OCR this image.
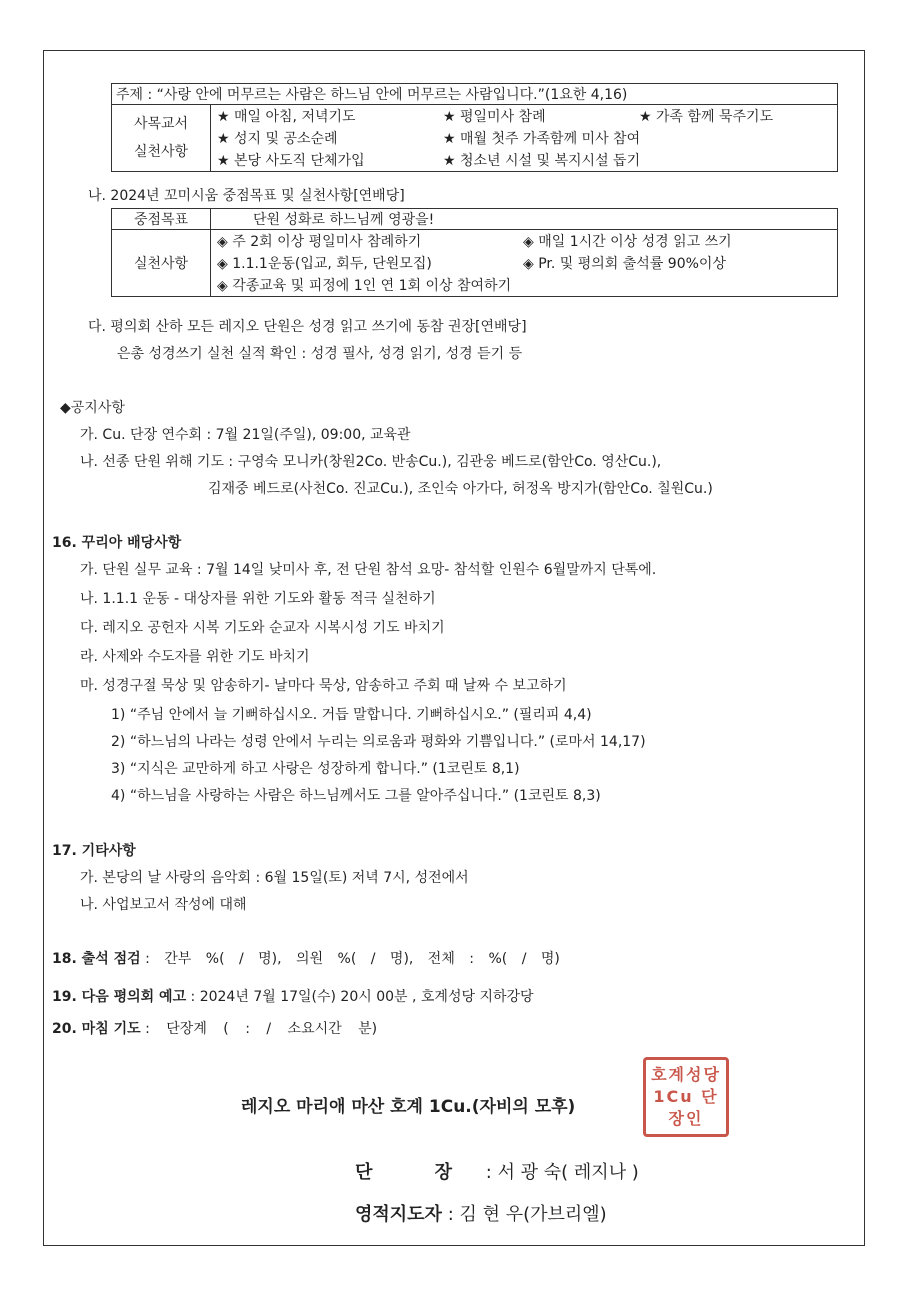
주제 : “사랑 안에 머무르는 사람은 하느님 안에 머무르는 사람입니다.”(1요한 4,16)

사목교서
실천사항

★ 매일 아침, 저녁기도	★ 평일미사 참례	★ 가족 함께 묵주기도
★ 성지 및 공소순례	★ 매월 첫주 가족함께 미사 참여
★ 본당 사도직 단체가입	★ 청소년 시설 및 복지시설 돕기
나. 2024년 꼬미시움 중점목표 및 실천사항[연배당]
중점목표	단원 성화로 하느님께 영광을!
실천사항	◈ 주 2회 이상 평일미사 참례하기 ◈ 매일 1시간 이상 성경 읽고 쓰기
◈ 1.1.1운동(입교, 회두, 단원모집) ◈ Pr. 및 평의회 출석률 90%이상
◈ 각종교육 및 피정에 1인 연 1회 이상 참여하기
다. 평의회 산하 모든 레지오 단원은 성경 읽고 쓰기에 동참 권장[연배당]
은총 성경쓰기 실천 실적 확인 : 성경 필사, 성경 읽기, 성경 듣기 등
◆공지사항
가. Cu. 단장 연수회 : 7월 21일(주일), 09:00, 교육관
나. 선종 단원 위해 기도 : 구영숙 모니카(창원2Co. 반송Cu.), 김관웅 베드로(함안Co. 영산Cu.),
김재중 베드로(사천Co. 진교Cu.), 조인숙 아가다, 허정옥 방지가(함안Co. 칠원Cu.)
16. 꾸리아 배당사항
가. 단원 실무 교육 : 7월 14일 낮미사 후, 전 단원 참석 요망- 참석할 인원수 6월말까지 단톡에.
나. 1.1.1 운동 - 대상자를 위한 기도와 활동 적극 실천하기
다. 레지오 공헌자 시복 기도와 순교자 시복시성 기도 바치기
라. 사제와 수도자를 위한 기도 바치기
마. 성경구절 묵상 및 암송하기- 날마다 묵상, 암송하고 주회 때 날짜 수 보고하기
1) “주님 안에서 늘 기뻐하십시오. 거듭 말합니다. 기뻐하십시오.” (필리피 4,4)
2) “하느님의 나라는 성령 안에서 누리는 의로움과 평화와 기쁨입니다.” (로마서 14,17)
3) “지식은 교만하게 하고 사랑은 성장하게 합니다.” (1코린토 8,1)
4) “하느님을 사랑하는 사람은 하느님께서도 그를 알아주십니다.” (1코린토 8,3)
17. 기타사항
가. 본당의 날 사랑의 음악회 : 6월 15일(토) 저녁 7시, 성전에서
나. 사업보고서 작성에 대해
18. 출석 점검 : 간부 %( / 명), 의원 %( / 명), 전체 : %( / 명)
19. 다음 평의회 예고 : 2024년 7월 17일(수) 20시 00분 , 호계성당 지하강당
20. 마침 기도 : 단장계 ( : / 소요시간 분)
호계성당 1Cu 단장인
레지오 마리애 마산 호계 1Cu.(자비의 모후)
단 장 : 서 광 숙( 레지나 )
영적지도자 : 김 현 우(가브리엘)
